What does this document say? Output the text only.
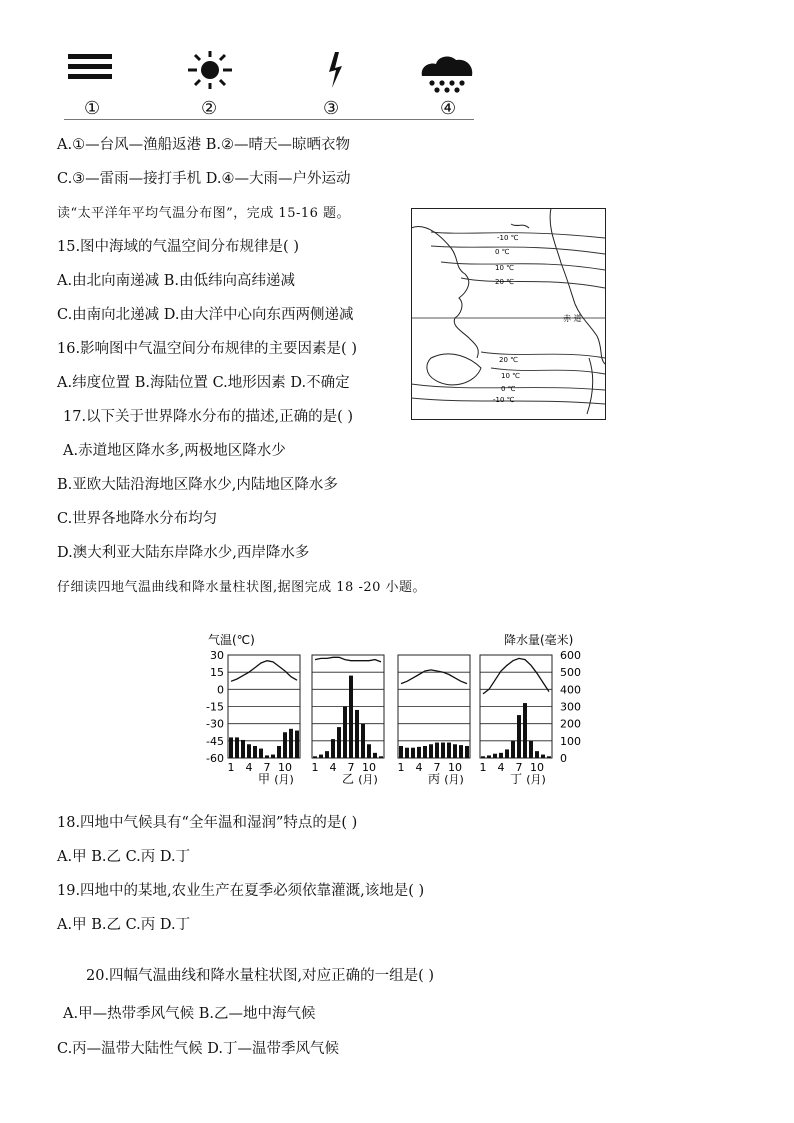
①	②	③	④
A.①—台风—渔船返港 B.②—晴天—晾晒衣物
C.③—雷雨—接打手机 D.④—大雨—户外运动
读“太平洋年平均气温分布图”，完成 15-16 题。
15.图中海域的气温空间分布规律是( )
A.由北向南递减 B.由低纬向高纬递减
C.由南向北递减 D.由大洋中心向东西两侧递减
16.影响图中气温空间分布规律的主要因素是( )
A.纬度位置 B.海陆位置 C.地形因素 D.不确定
17.以下关于世界降水分布的描述,正确的是( )
A.赤道地区降水多,两极地区降水少
B.亚欧大陆沿海地区降水少,内陆地区降水多
C.世界各地降水分布均匀
D.澳大利亚大陆东岸降水少,西岸降水多
仔细读四地气温曲线和降水量柱状图,据图完成 18 -20 小题。
赤 道
-10 ℃
0 ℃
10 ℃
20 ℃
20 ℃
10 ℃
0 ℃
-10 ℃
气温(℃)	降水量(毫米)
30
15
0
-15
-30
-45
-60
600
500
400
300
200
100
0
1 4 7 10
甲 (月)
1 4 7 10
乙 (月)
1 4 7 10
丙 (月)
1 4 7 10
丁 (月)
18.四地中气候具有“全年温和湿润”特点的是( )
A.甲 B.乙 C.丙 D.丁
19.四地中的某地,农业生产在夏季必须依靠灌溉,该地是( )
A.甲 B.乙 C.丙 D.丁
20.四幅气温曲线和降水量柱状图,对应正确的一组是( )
A.甲—热带季风气候 B.乙—地中海气候
C.丙—温带大陆性气候 D.丁—温带季风气候
